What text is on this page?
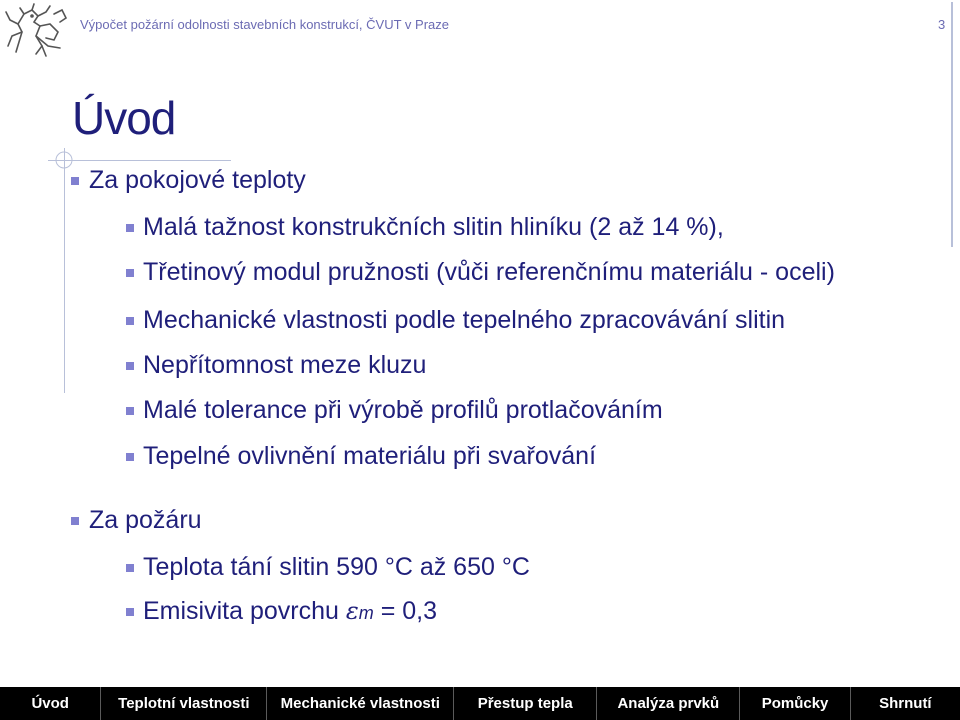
Výpočet požární odolnosti stavebních konstrukcí, ČVUT v Praze	3
Úvod
Za pokojové teploty
Malá tažnost konstrukčních slitin hliníku (2 až 14 %),
Třetinový modul pružnosti (vůči referenčnímu materiálu - oceli)
Mechanické vlastnosti podle tepelného zpracovávání slitin
Nepřítomnost meze kluzu
Malé tolerance při výrobě profilů protlačováním
Tepelné ovlivnění materiálu při svařování
Za požáru
Teplota tání slitin 590 °C až 650 °C
Emisivita povrchu εm = 0,3
Úvod	Teplotní vlastnosti	Mechanické vlastnosti	Přestup tepla	Analýza prvků	Pomůcky	Shrnutí
